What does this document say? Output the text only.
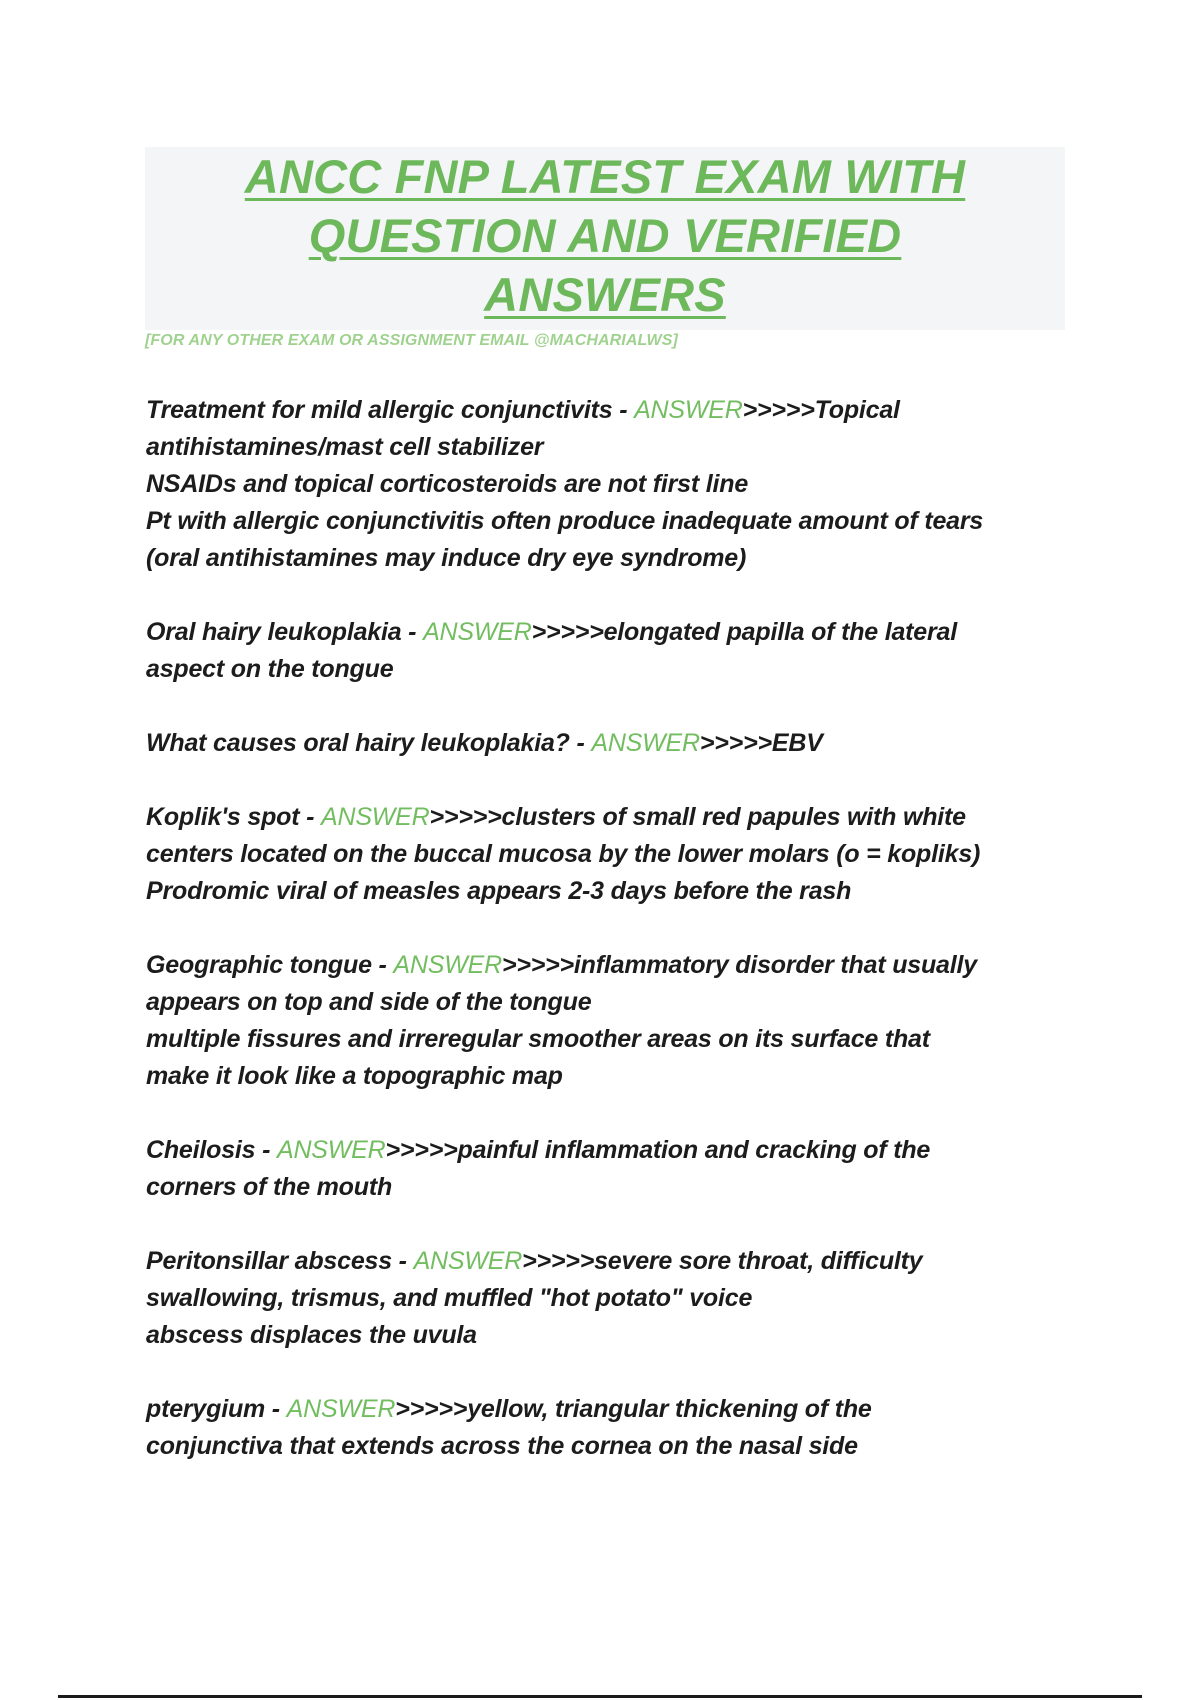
ANCC FNP LATEST EXAM WITH
QUESTION AND VERIFIED
ANSWERS

[FOR ANY OTHER EXAM OR ASSIGNMENT EMAIL @MACHARIALWS]

Treatment for mild allergic conjunctivits - ANSWER>>>>>Topical
antihistamines/mast cell stabilizer
NSAIDs and topical corticosteroids are not first line
Pt with allergic conjunctivitis often produce inadequate amount of tears
(oral antihistamines may induce dry eye syndrome)
Oral hairy leukoplakia - ANSWER>>>>>elongated papilla of the lateral
aspect on the tongue
What causes oral hairy leukoplakia? - ANSWER>>>>>EBV
Koplik's spot - ANSWER>>>>>clusters of small red papules with white
centers located on the buccal mucosa by the lower molars (o = kopliks)
Prodromic viral of measles appears 2-3 days before the rash
Geographic tongue - ANSWER>>>>>inflammatory disorder that usually
appears on top and side of the tongue
multiple fissures and irreregular smoother areas on its surface that
make it look like a topographic map
Cheilosis - ANSWER>>>>>painful inflammation and cracking of the
corners of the mouth
Peritonsillar abscess - ANSWER>>>>>severe sore throat, difficulty
swallowing, trismus, and muffled "hot potato" voice
abscess displaces the uvula
pterygium - ANSWER>>>>>yellow, triangular thickening of the
conjunctiva that extends across the cornea on the nasal side
